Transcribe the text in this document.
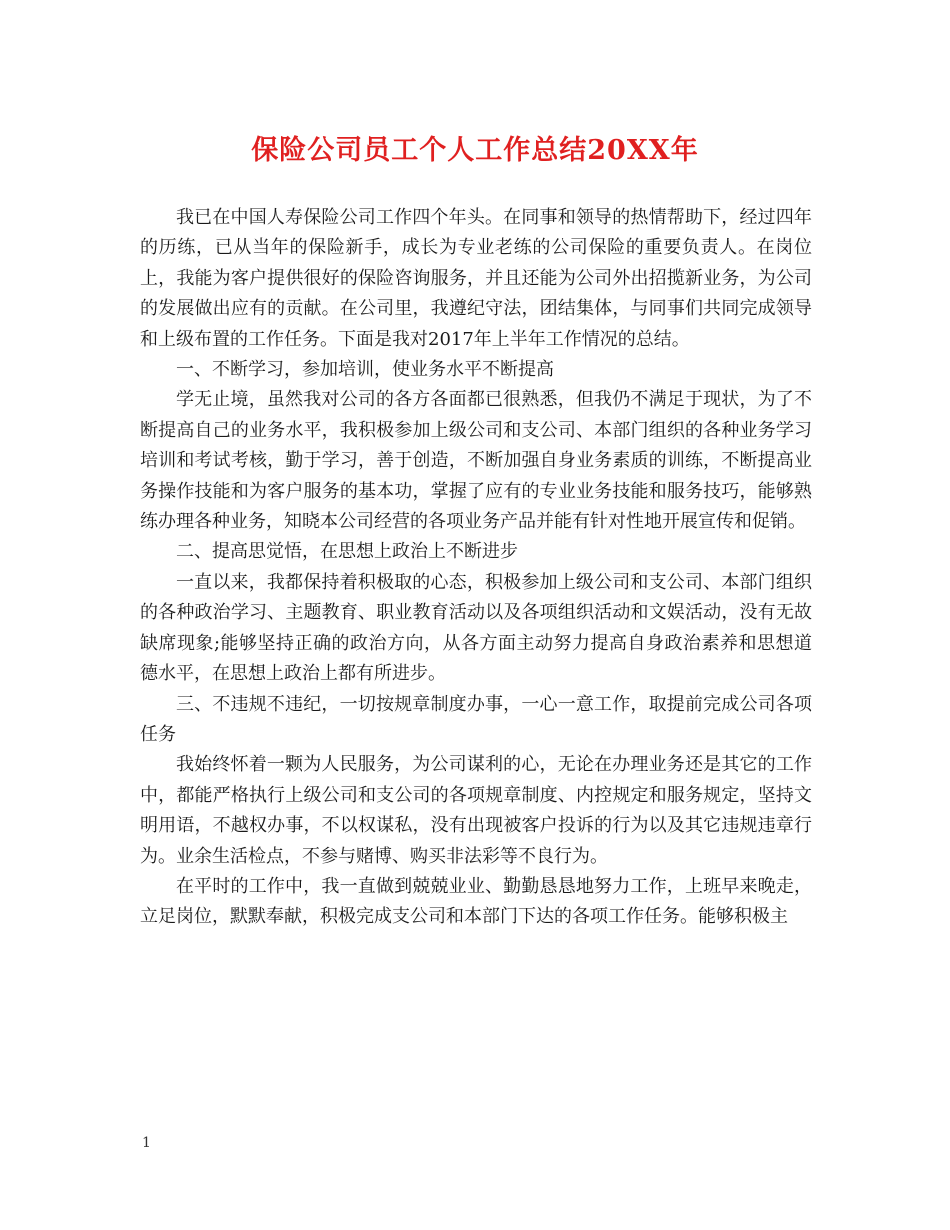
保险公司员工个人工作总结20XX年

我已在中国人寿保险公司工作四个年头。在同事和领导的热情帮助下，经过四年的历练，已从当年的保险新手，成长为专业老练的公司保险的重要负责人。在岗位上，我能为客户提供很好的保险咨询服务，并且还能为公司外出招揽新业务，为公司的发展做出应有的贡献。在公司里，我遵纪守法，团结集体，与同事们共同完成领导和上级布置的工作任务。下面是我对2017年上半年工作情况的总结。

一、不断学习，参加培训，使业务水平不断提高

学无止境，虽然我对公司的各方各面都已很熟悉，但我仍不满足于现状，为了不断提高自己的业务水平，我积极参加上级公司和支公司、本部门组织的各种业务学习培训和考试考核，勤于学习，善于创造，不断加强自身业务素质的训练，不断提高业务操作技能和为客户服务的基本功，掌握了应有的专业业务技能和服务技巧，能够熟练办理各种业务，知晓本公司经营的各项业务产品并能有针对性地开展宣传和促销。

二、提高思觉悟，在思想上政治上不断进步

一直以来，我都保持着积极取的心态，积极参加上级公司和支公司、本部门组织的各种政治学习、主题教育、职业教育活动以及各项组织活动和文娱活动，没有无故缺席现象;能够坚持正确的政治方向，从各方面主动努力提高自身政治素养和思想道德水平，在思想上政治上都有所进步。

三、不违规不违纪，一切按规章制度办事，一心一意工作，取提前完成公司各项任务

我始终怀着一颗为人民服务，为公司谋利的心，无论在办理业务还是其它的工作中，都能严格执行上级公司和支公司的各项规章制度、内控规定和服务规定，坚持文明用语，不越权办事，不以权谋私，没有出现被客户投诉的行为以及其它违规违章行为。业余生活检点，不参与赌博、购买非法彩等不良行为。

在平时的工作中，我一直做到兢兢业业、勤勤恳恳地努力工作，上班早来晚走，立足岗位，默默奉献，积极完成支公司和本部门下达的各项工作任务。能够积极主

1
